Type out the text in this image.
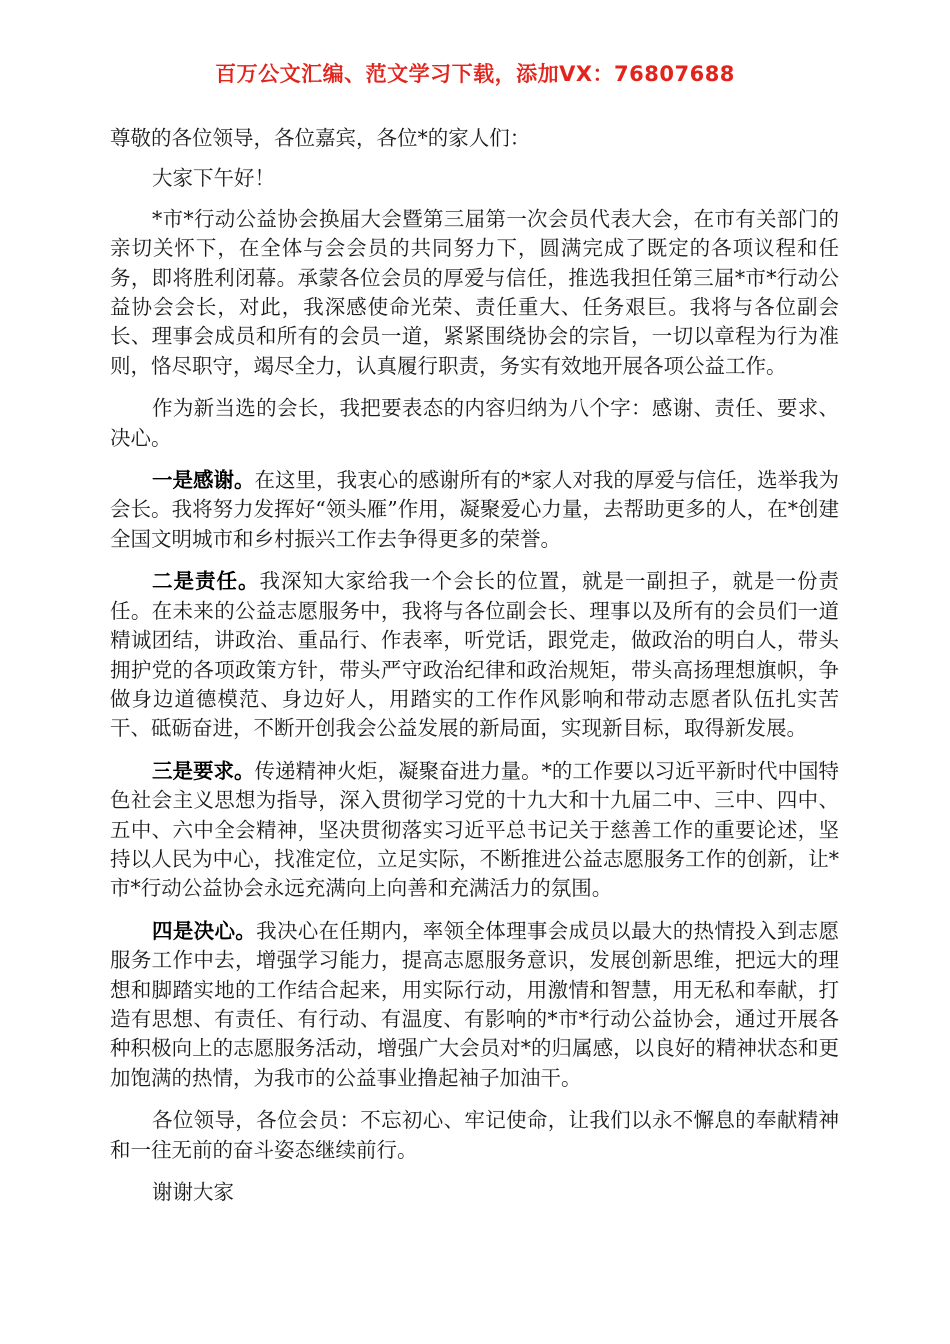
百万公文汇编、范文学习下载，添加VX：76807688

尊敬的各位领导，各位嘉宾，各位*的家人们：

大家下午好！

*市*行动公益协会换届大会暨第三届第一次会员代表大会，在市有关部门的亲切关怀下，在全体与会会员的共同努力下，圆满完成了既定的各项议程和任务，即将胜利闭幕。承蒙各位会员的厚爱与信任，推选我担任第三届*市*行动公益协会会长，对此，我深感使命光荣、责任重大、任务艰巨。我将与各位副会长、理事会成员和所有的会员一道，紧紧围绕协会的宗旨，一切以章程为行为准则，恪尽职守，竭尽全力，认真履行职责，务实有效地开展各项公益工作。

作为新当选的会长，我把要表态的内容归纳为八个字：感谢、责任、要求、决心。

一是感谢。在这里，我衷心的感谢所有的*家人对我的厚爱与信任，选举我为会长。我将努力发挥好“领头雁”作用，凝聚爱心力量，去帮助更多的人，在*创建全国文明城市和乡村振兴工作去争得更多的荣誉。

二是责任。我深知大家给我一个会长的位置，就是一副担子，就是一份责任。在未来的公益志愿服务中，我将与各位副会长、理事以及所有的会员们一道精诚团结，讲政治、重品行、作表率，听党话，跟党走，做政治的明白人，带头拥护党的各项政策方针，带头严守政治纪律和政治规矩，带头高扬理想旗帜，争做身边道德模范、身边好人，用踏实的工作作风影响和带动志愿者队伍扎实苦干、砥砺奋进，不断开创我会公益发展的新局面，实现新目标，取得新发展。

三是要求。传递精神火炬，凝聚奋进力量。*的工作要以习近平新时代中国特色社会主义思想为指导，深入贯彻学习党的十九大和十九届二中、三中、四中、五中、六中全会精神，坚决贯彻落实习近平总书记关于慈善工作的重要论述，坚持以人民为中心，找准定位，立足实际，不断推进公益志愿服务工作的创新，让*市*行动公益协会永远充满向上向善和充满活力的氛围。

四是决心。我决心在任期内，率领全体理事会成员以最大的热情投入到志愿服务工作中去，增强学习能力，提高志愿服务意识，发展创新思维，把远大的理想和脚踏实地的工作结合起来，用实际行动，用激情和智慧，用无私和奉献，打造有思想、有责任、有行动、有温度、有影响的*市*行动公益协会，通过开展各种积极向上的志愿服务活动，增强广大会员对*的归属感，以良好的精神状态和更加饱满的热情，为我市的公益事业撸起袖子加油干。

各位领导，各位会员：不忘初心、牢记使命，让我们以永不懈息的奉献精神和一往无前的奋斗姿态继续前行。

谢谢大家
